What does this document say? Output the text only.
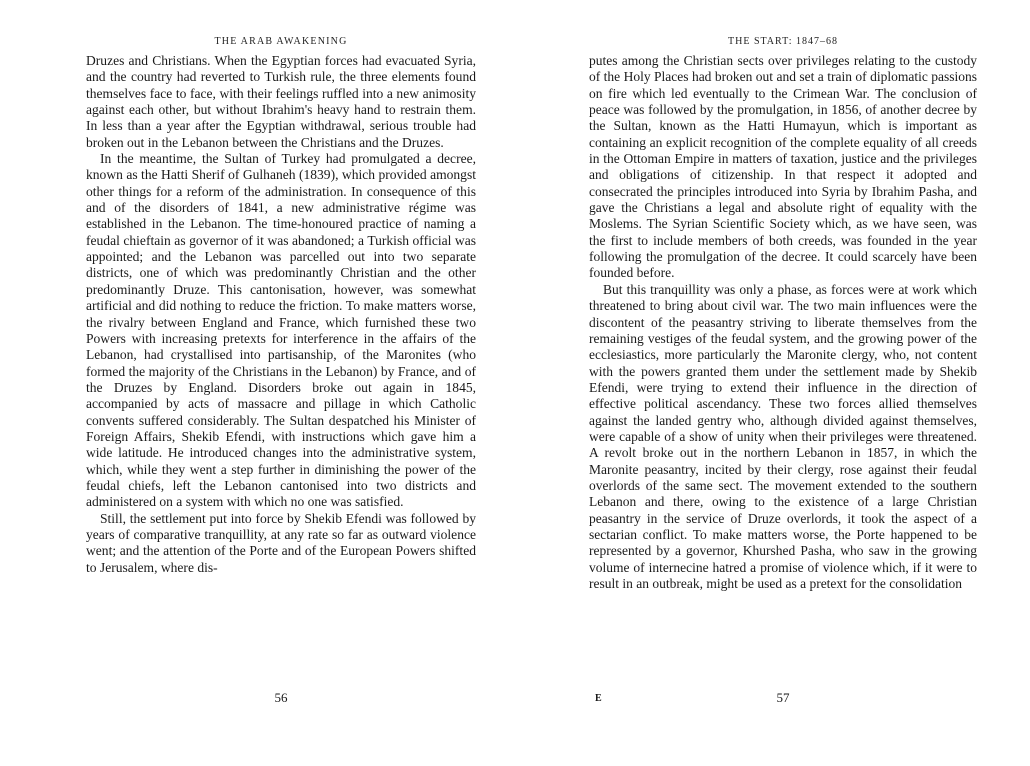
THE ARAB AWAKENING

Druzes and Christians. When the Egyptian forces had evacuated Syria, and the country had reverted to Turkish rule, the three elements found themselves face to face, with their feelings ruffled into a new animosity against each other, but without Ibrahim's heavy hand to restrain them. In less than a year after the Egyptian withdrawal, serious trouble had broken out in the Lebanon between the Christians and the Druzes.

In the meantime, the Sultan of Turkey had promulgated a decree, known as the Hatti Sherif of Gulhaneh (1839), which provided amongst other things for a reform of the administration. In consequence of this and of the disorders of 1841, a new administrative régime was established in the Lebanon. The time-honoured practice of naming a feudal chieftain as governor of it was abandoned; a Turkish official was appointed; and the Lebanon was parcelled out into two separate districts, one of which was predominantly Christian and the other predominantly Druze. This cantonisation, however, was somewhat artificial and did nothing to reduce the friction. To make matters worse, the rivalry between England and France, which furnished these two Powers with increasing pretexts for interference in the affairs of the Lebanon, had crystallised into partisanship, of the Maronites (who formed the majority of the Christians in the Lebanon) by France, and of the Druzes by England. Disorders broke out again in 1845, accompanied by acts of massacre and pillage in which Catholic convents suffered considerably. The Sultan despatched his Minister of Foreign Affairs, Shekib Efendi, with instructions which gave him a wide latitude. He introduced changes into the administrative system, which, while they went a step further in diminishing the power of the feudal chiefs, left the Lebanon cantonised into two districts and administered on a system with which no one was satisfied.

Still, the settlement put into force by Shekib Efendi was followed by years of comparative tranquillity, at any rate so far as outward violence went; and the attention of the Porte and of the European Powers shifted to Jerusalem, where dis-

56
THE START: 1847–68

putes among the Christian sects over privileges relating to the custody of the Holy Places had broken out and set a train of diplomatic passions on fire which led eventually to the Crimean War. The conclusion of peace was followed by the promulgation, in 1856, of another decree by the Sultan, known as the Hatti Humayun, which is important as containing an explicit recognition of the complete equality of all creeds in the Ottoman Empire in matters of taxation, justice and the privileges and obligations of citizenship. In that respect it adopted and consecrated the principles introduced into Syria by Ibrahim Pasha, and gave the Christians a legal and absolute right of equality with the Moslems. The Syrian Scientific Society which, as we have seen, was the first to include members of both creeds, was founded in the year following the promulgation of the decree. It could scarcely have been founded before.

But this tranquillity was only a phase, as forces were at work which threatened to bring about civil war. The two main influences were the discontent of the peasantry striving to liberate themselves from the remaining vestiges of the feudal system, and the growing power of the ecclesiastics, more particularly the Maronite clergy, who, not content with the powers granted them under the settlement made by Shekib Efendi, were trying to extend their influence in the direction of effective political ascendancy. These two forces allied themselves against the landed gentry who, although divided against themselves, were capable of a show of unity when their privileges were threatened. A revolt broke out in the northern Lebanon in 1857, in which the Maronite peasantry, incited by their clergy, rose against their feudal overlords of the same sect. The movement extended to the southern Lebanon and there, owing to the existence of a large Christian peasantry in the service of Druze overlords, it took the aspect of a sectarian conflict. To make matters worse, the Porte happened to be represented by a governor, Khurshed Pasha, who saw in the growing volume of internecine hatred a promise of violence which, if it were to result in an outbreak, might be used as a pretext for the consolidation

E	57
